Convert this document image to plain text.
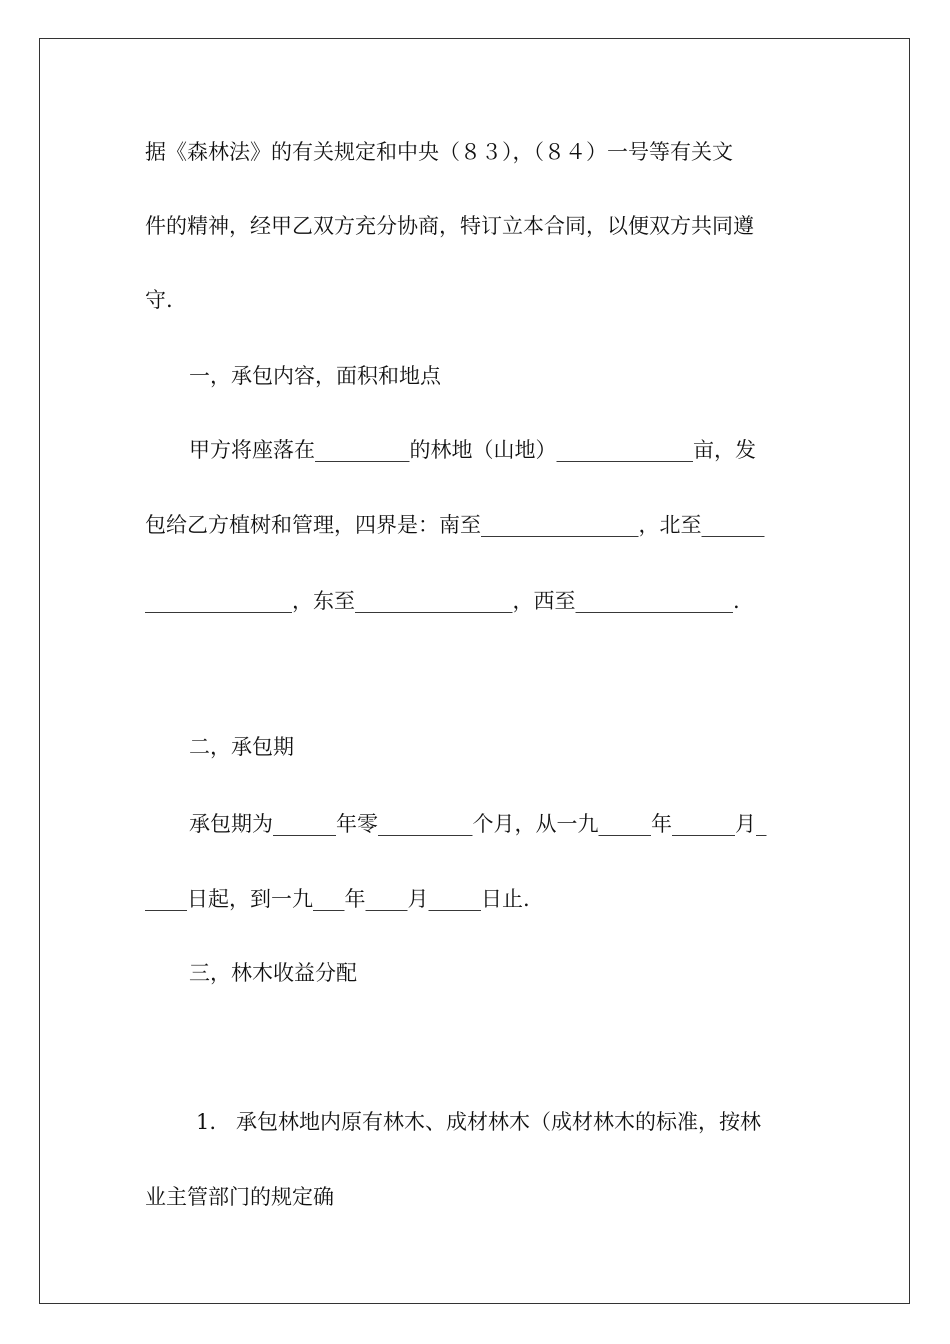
据《森林法》的有关规定和中央（８３），（８４）一号等有关文
件的精神，经甲乙双方充分协商，特订立本合同，以便双方共同遵
守.
一，承包内容，面积和地点
甲方将座落在_________的林地（山地）_____________亩，发
包给乙方植树和管理，四界是：南至_______________，北至______
______________，东至_______________，西至_______________.
二，承包期
承包期为______年零_________个月，从一九_____年______月_
____日起，到一九___年____月_____日止.
三，林木收益分配
1.   承包林地内原有林木、成材林木（成材林木的标准，按林
业主管部门的规定确
